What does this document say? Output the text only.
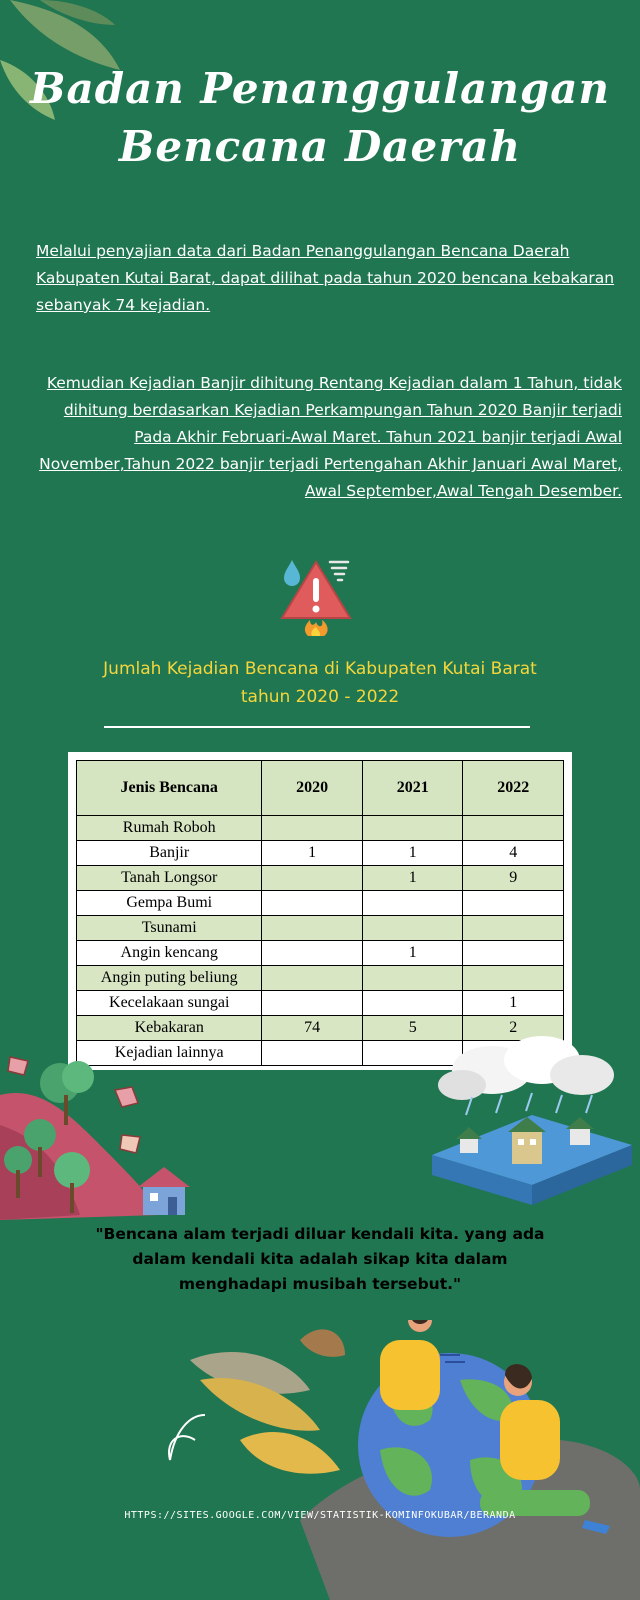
Badan Penanggulangan
Bencana Daerah
Melalui penyajian data dari Badan Penanggulangan Bencana Daerah Kabupaten Kutai Barat, dapat dilihat pada tahun 2020 bencana kebakaran sebanyak 74 kejadian.
Kemudian Kejadian Banjir dihitung Rentang Kejadian dalam 1 Tahun, tidak dihitung berdasarkan Kejadian Perkampungan Tahun 2020 Banjir terjadi Pada Akhir Februari-Awal Maret. Tahun 2021 banjir terjadi Awal November,Tahun 2022 banjir terjadi Pertengahan Akhir Januari Awal Maret, Awal September,Awal Tengah Desember.
Jumlah Kejadian Bencana di Kabupaten Kutai Barat
tahun 2020 - 2022
Jenis Bencana	2020	2021	2022
Rumah Roboh			
Banjir	1	1	4
Tanah Longsor		1	9
Gempa Bumi			
Tsunami			
Angin kencang		1	
Angin puting beliung			
Kecelakaan sungai			1
Kebakaran	74	5	2
Kejadian lainnya			
"Bencana alam terjadi diluar kendali kita. yang ada
dalam kendali kita adalah sikap kita dalam
menghadapi musibah tersebut."
HTTPS://SITES.GOOGLE.COM/VIEW/STATISTIK-KOMINFOKUBAR/BERANDA
